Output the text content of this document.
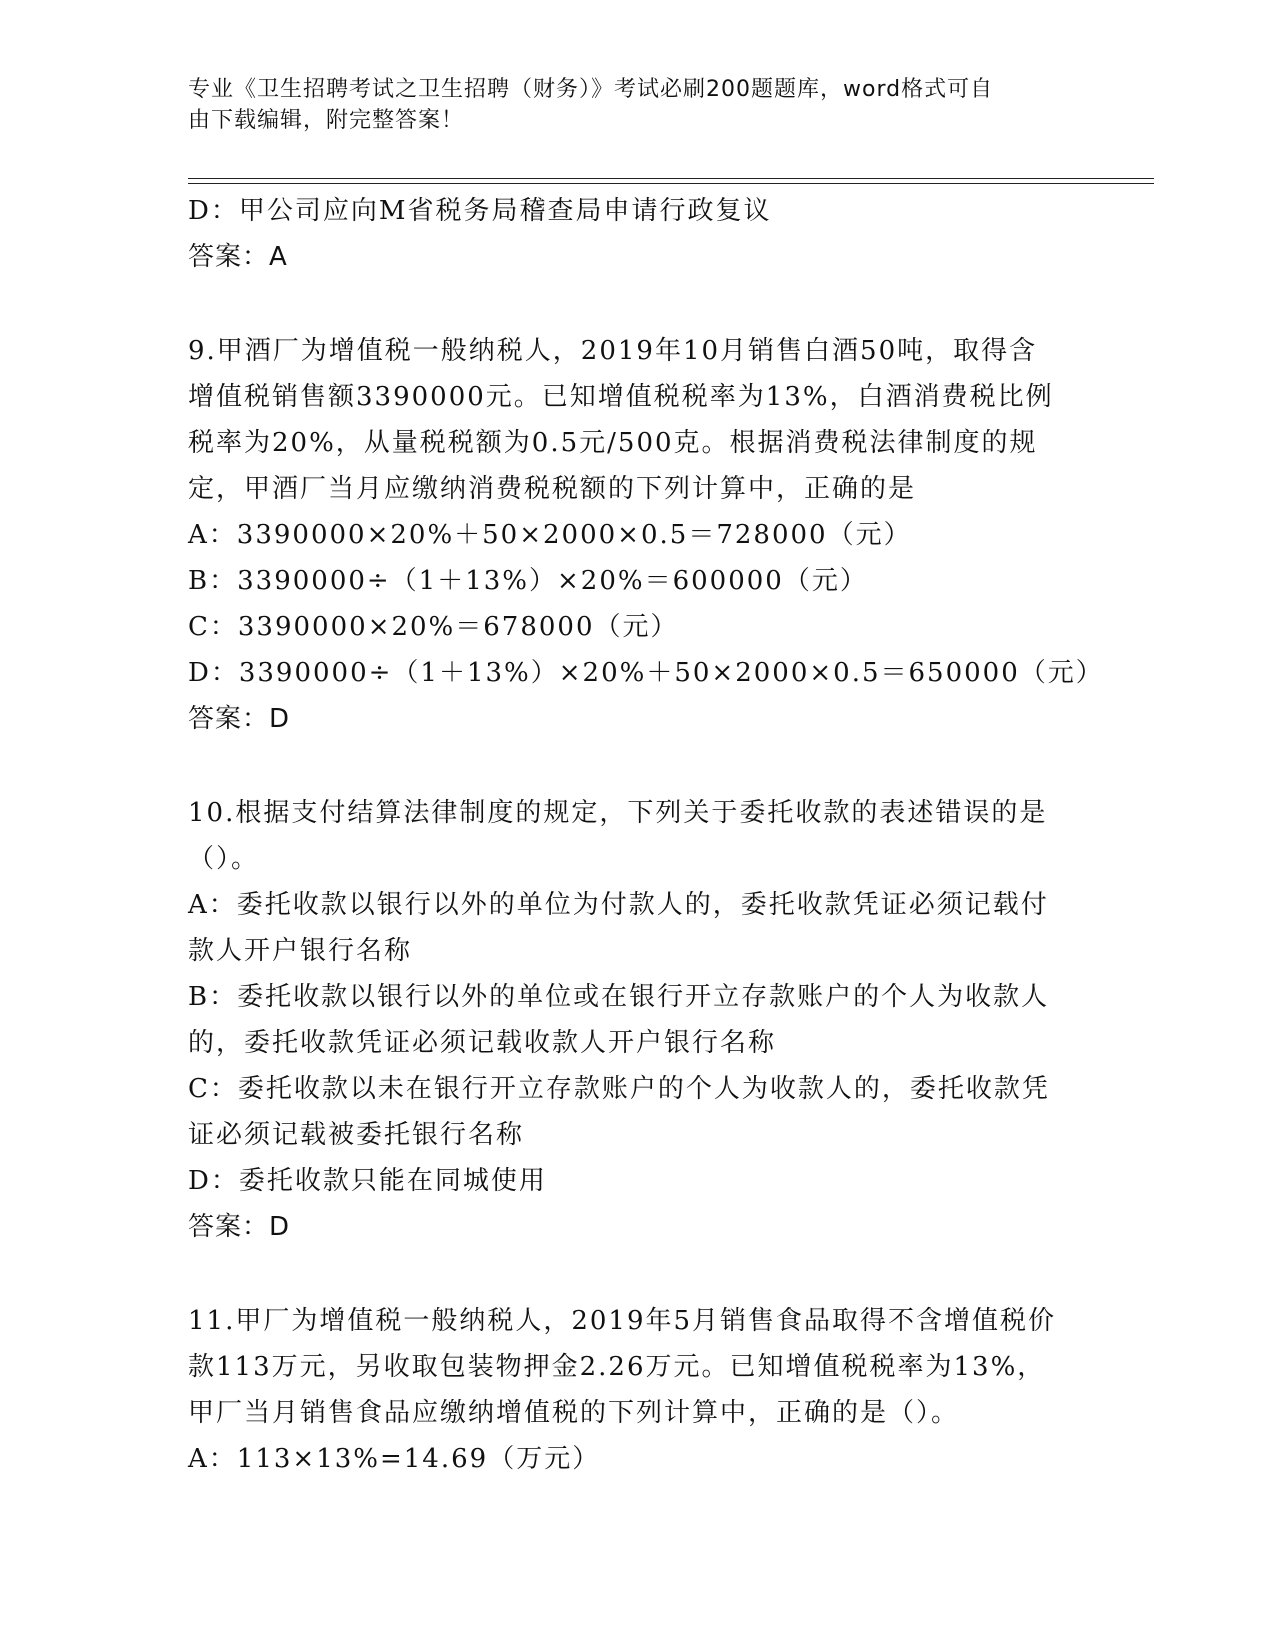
专业《卫生招聘考试之卫生招聘（财务）》考试必刷200题题库，word格式可自
由下载编辑，附完整答案！
D：甲公司应向M省税务局稽查局申请行政复议
答案：A
9.甲酒厂为增值税一般纳税人，2019年10月销售白酒50吨，取得含
增值税销售额3390000元。已知增值税税率为13%，白酒消费税比例
税率为20%，从量税税额为0.5元/500克。根据消费税法律制度的规
定，甲酒厂当月应缴纳消费税税额的下列计算中，正确的是
A：3390000×20%＋50×2000×0.5＝728000（元）
B：3390000÷（1＋13%）×20%＝600000（元）
C：3390000×20%＝678000（元）
D：3390000÷（1＋13%）×20%＋50×2000×0.5＝650000（元）
答案：D
10.根据支付结算法律制度的规定，下列关于委托收款的表述错误的是
（）。
A：委托收款以银行以外的单位为付款人的，委托收款凭证必须记载付
款人开户银行名称
B：委托收款以银行以外的单位或在银行开立存款账户的个人为收款人
的，委托收款凭证必须记载收款人开户银行名称
C：委托收款以未在银行开立存款账户的个人为收款人的，委托收款凭
证必须记载被委托银行名称
D：委托收款只能在同城使用
答案：D
11.甲厂为增值税一般纳税人，2019年5月销售食品取得不含增值税价
款113万元，另收取包装物押金2.26万元。已知增值税税率为13%，
甲厂当月销售食品应缴纳增值税的下列计算中，正确的是（）。
A：113×13%=14.69（万元）
